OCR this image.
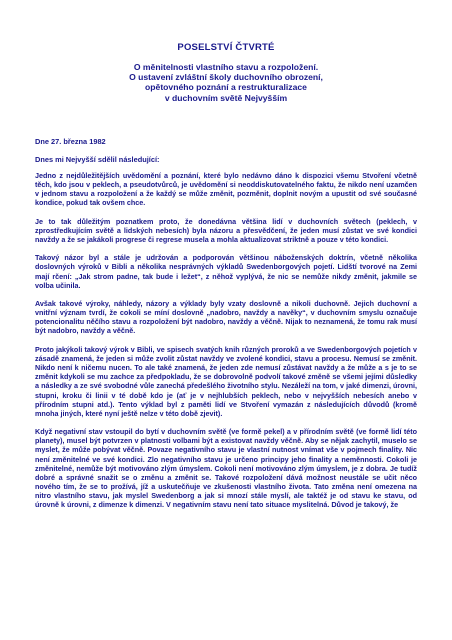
POSELSTVÍ ČTVRTÉ
O měnitelnosti vlastního stavu a rozpoložení.
O ustavení zvláštní školy duchovního obrození,
opětovného poznání a restrukturalizace
v duchovním světě Nejvyšším
Dne 27. března 1982
Dnes mi Nejvyšší sdělil následující:

Jedno z nejdůležitějších uvědomění a poznání, které bylo nedávno dáno k dispozici všemu Stvoření včetně těch, kdo jsou v peklech, a pseudotvůrců, je uvědomění si neoddiskutovatelného faktu, že nikdo není uzamčen v jednom stavu a rozpoložení a že každý se může změnit, pozměnit, doplnit novým a upustit od své současné kondice, pokud tak ovšem chce.

Je to tak důležitým poznatkem proto, že donedávna většina lidí v duchovních světech (peklech, v zprostředkujícím světě a lidských nebesích) byla názoru a přesvědčení, že jeden musí zůstat ve své kondici navždy a že se jakákoli progrese či regrese musela a mohla aktualizovat striktně a pouze v této kondici.

Takový názor byl a stále je udržován a podporován většinou náboženských doktrín, včetně několika doslovných výroků v Bibli a několika nesprávných výkladů Swedenborgových pojetí. Lidští tvorové na Zemi mají rčení: „Jak strom padne, tak bude i ležet“, z něhož vyplývá, že nic se nemůže nikdy změnit, jakmile se volba učinila.

Avšak takové výroky, náhledy, názory a výklady byly vzaty doslovně a nikoli duchovně. Jejich duchovní a vnitřní význam tvrdí, že cokoli se míní doslovně „nadobro, navždy a navěky“, v duchovním smyslu označuje potencionalitu něčího stavu a rozpoložení být nadobro, navždy a věčně. Nijak to neznamená, že tomu rak musí být nadobro, navždy a věčně.

Proto jakýkoli takový výrok v Bibli, ve spisech svatých knih různých proroků a ve Swedenborgových pojetích v zásadě znamená, že jeden si může zvolit zůstat navždy ve zvolené kondici, stavu a procesu. Nemusí se změnit. Nikdo není k ničemu nucen. To ale také znamená, že jeden zde nemusí zůstávat navždy a že může a s je to se změnit kdykoli se mu zachce za předpokladu, že se dobrovolně podvolí takové změně se všemi jejími důsledky a následky a ze své svobodné vůle zanechá předešlého životního stylu. Nezáleží na tom, v jaké dimenzi, úrovni, stupni, kroku či linii v té době kdo je (ať je v nejhlubších peklech, nebo v nejvyšších nebesích anebo v přírodním stupni atd.). Tento výklad byl z paměti lidí ve Stvoření vymazán z následujících důvodů (kromě mnoha jiných, které nyní ještě nelze v této době zjevit).

Když negativní stav vstoupil do bytí v duchovním světě (ve formě pekel) a v přírodním světě (ve formě lidí této planety), musel být potvrzen v platnosti volbami být a existovat navždy věčně. Aby se nějak zachytil, muselo se myslet, že může pobývat věčně. Povaze negativního stavu je vlastní nutnost vnímat vše v pojmech finality. Nic není změnitelné ve své kondici. Zlo negativního stavu je určeno principy jeho finality a neměnnosti. Cokoli je změnitelné, nemůže být motivováno zlým úmyslem. Cokoli není motivováno zlým úmyslem, je z dobra. Je tudíž dobré a správné snažit se o změnu a změnit se. Takové rozpoložení dává možnost neustále se učit něco nového tím, že se to prožívá, jíž a uskutečňuje ve zkušenosti vlastního života. Tato změna není omezena na nitro vlastního stavu, jak myslel Swedenborg a jak si mnozí stále myslí, ale taktéž je od stavu ke stavu, od úrovně k úrovni, z dimenze k dimenzi. V negativním stavu není tato situace myslitelná. Důvod je takový, že
